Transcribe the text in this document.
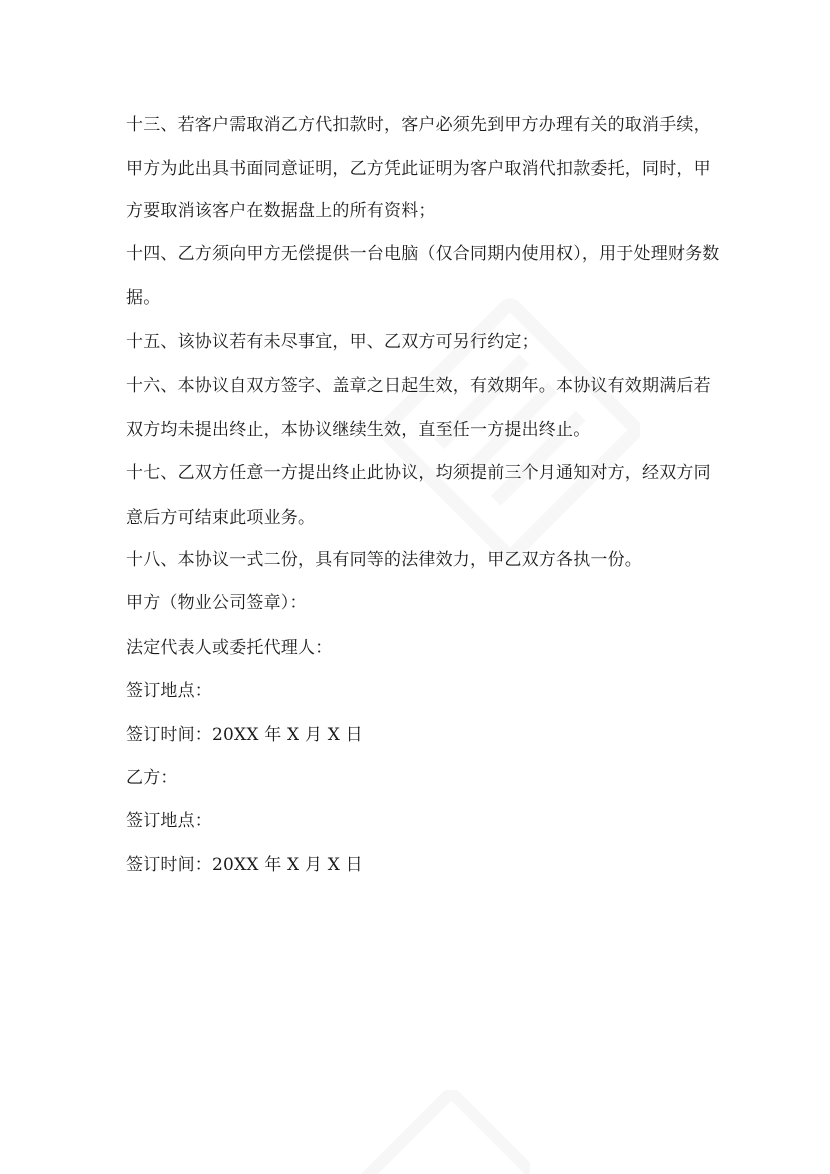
十三、若客户需取消乙方代扣款时，客户必须先到甲方办理有关的取消手续，
甲方为此出具书面同意证明，乙方凭此证明为客户取消代扣款委托，同时，甲
方要取消该客户在数据盘上的所有资料；
十四、乙方须向甲方无偿提供一台电脑（仅合同期内使用权），用于处理财务数
据。
十五、该协议若有未尽事宜，甲、乙双方可另行约定；
十六、本协议自双方签字、盖章之日起生效，有效期年。本协议有效期满后若
双方均未提出终止，本协议继续生效，直至任一方提出终止。
十七、乙双方任意一方提出终止此协议，均须提前三个月通知对方，经双方同
意后方可结束此项业务。
十八、本协议一式二份，具有同等的法律效力，甲乙双方各执一份。
甲方（物业公司签章）：
法定代表人或委托代理人：
签订地点：
签订时间：20XX 年 X 月 X 日
乙方：
签订地点：
签订时间：20XX 年 X 月 X 日
